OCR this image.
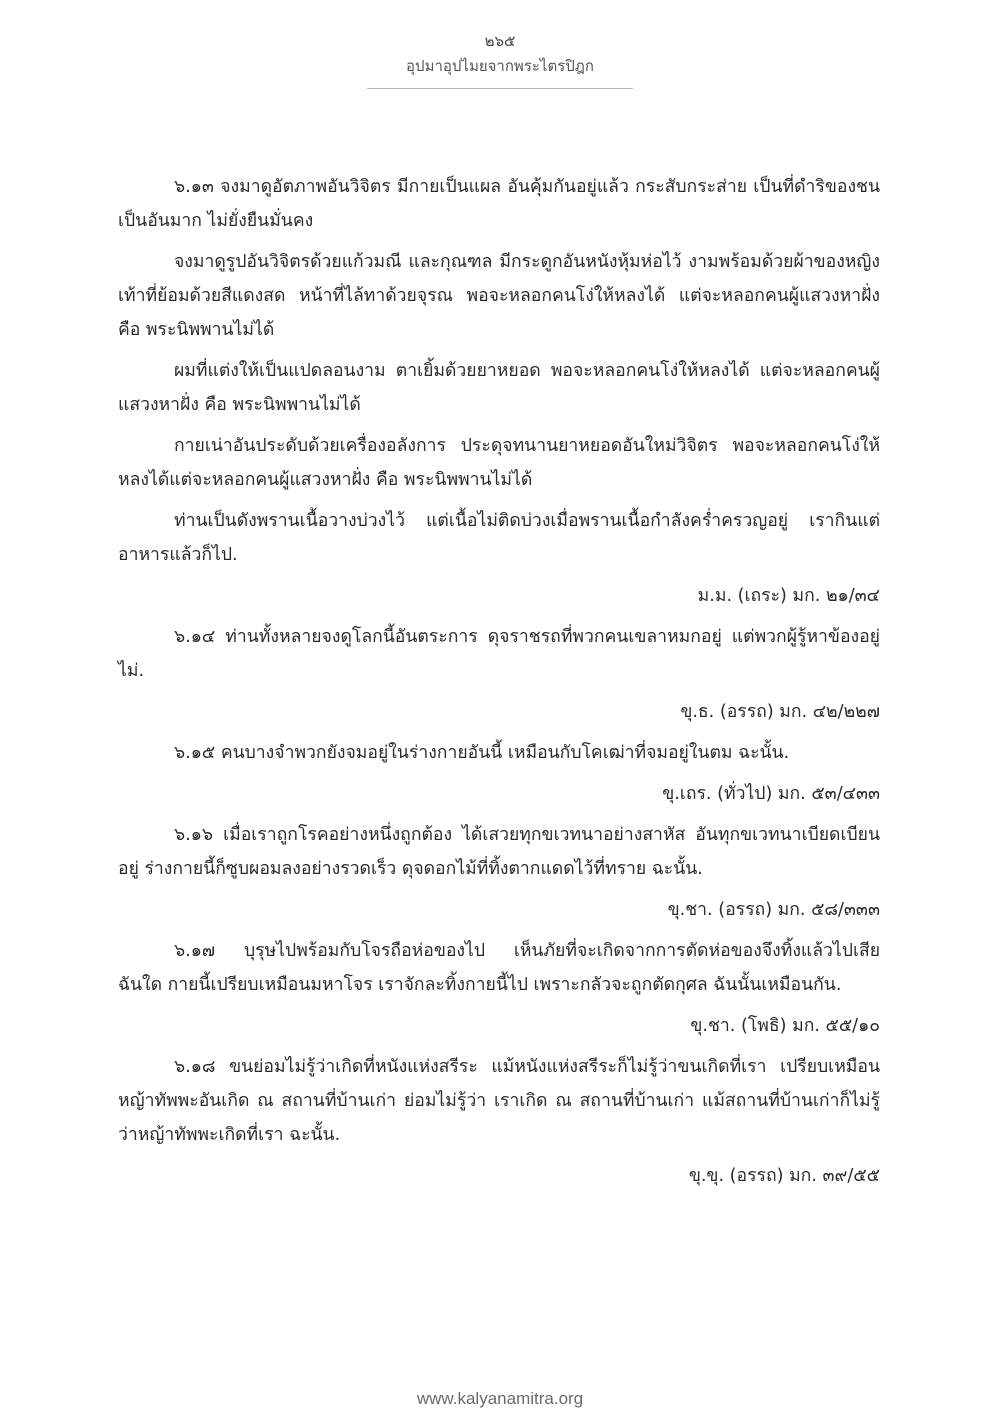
๒๖๕
อุปมาอุปไมยจากพระไตรปิฎก

๖.๑๓ จงมาดูอัตภาพอันวิจิตร มีกายเป็นแผล อันคุ้มกันอยู่แล้ว กระสับกระส่าย เป็นที่ดำริของชนเป็นอันมาก ไม่ยั่งยืนมั่นคง

จงมาดูรูปอันวิจิตรด้วยแก้วมณี และกุณฑล มีกระดูกอันหนังหุ้มห่อไว้ งามพร้อมด้วยผ้าของหญิง เท้าที่ย้อมด้วยสีแดงสด หน้าที่ไล้ทาด้วยจุรณ พอจะหลอกคนโง่ให้หลงได้ แต่จะหลอกคนผู้แสวงหาฝั่ง คือ พระนิพพานไม่ได้

ผมที่แต่งให้เป็นแปดลอนงาม ตาเยิ้มด้วยยาหยอด พอจะหลอกคนโง่ให้หลงได้ แต่จะหลอกคนผู้แสวงหาฝั่ง คือ พระนิพพานไม่ได้

กายเน่าอันประดับด้วยเครื่องอลังการ ประดุจทนานยาหยอดอันใหม่วิจิตร พอจะหลอกคนโง่ให้หลงได้แต่จะหลอกคนผู้แสวงหาฝั่ง คือ พระนิพพานไม่ได้

ท่านเป็นดังพรานเนื้อวางบ่วงไว้ แต่เนื้อไม่ติดบ่วงเมื่อพรานเนื้อกำลังคร่ำครวญอยู่ เรากินแต่อาหารแล้วก็ไป.

ม.ม. (เถระ) มก. ๒๑/๓๔

๖.๑๔ ท่านทั้งหลายจงดูโลกนี้อันตระการ ดุจราชรถที่พวกคนเขลาหมกอยู่ แต่พวกผู้รู้หาข้องอยู่ไม่.

ขุ.ธ. (อรรถ) มก. ๔๒/๒๒๗

๖.๑๕ คนบางจำพวกยังจมอยู่ในร่างกายอันนี้ เหมือนกับโคเฒ่าที่จมอยู่ในตม ฉะนั้น.

ขุ.เถร. (ทั่วไป) มก. ๕๓/๔๓๓

๖.๑๖ เมื่อเราถูกโรคอย่างหนึ่งถูกต้อง ได้เสวยทุกขเวทนาอย่างสาหัส อันทุกขเวทนาเบียดเบียนอยู่ ร่างกายนี้ก็ซูบผอมลงอย่างรวดเร็ว ดุจดอกไม้ที่ทิ้งตากแดดไว้ที่ทราย ฉะนั้น.

ขุ.ชา. (อรรถ) มก. ๕๘/๓๓๓

๖.๑๗ บุรุษไปพร้อมกับโจรถือห่อของไป เห็นภัยที่จะเกิดจากการตัดห่อของจึงทิ้งแล้วไปเสีย ฉันใด กายนี้เปรียบเหมือนมหาโจร เราจักละทิ้งกายนี้ไป เพราะกลัวจะถูกตัดกุศล ฉันนั้นเหมือนกัน.

ขุ.ชา. (โพธิ) มก. ๕๕/๑๐

๖.๑๘ ขนย่อมไม่รู้ว่าเกิดที่หนังแห่งสรีระ แม้หนังแห่งสรีระก็ไม่รู้ว่าขนเกิดที่เรา เปรียบเหมือนหญ้าทัพพะอันเกิด ณ สถานที่บ้านเก่า ย่อมไม่รู้ว่า เราเกิด ณ สถานที่บ้านเก่า แม้สถานที่บ้านเก่าก็ไม่รู้ว่าหญ้าทัพพะเกิดที่เรา ฉะนั้น.

ขุ.ขุ. (อรรถ) มก. ๓๙/๕๕

www.kalyanamitra.org
